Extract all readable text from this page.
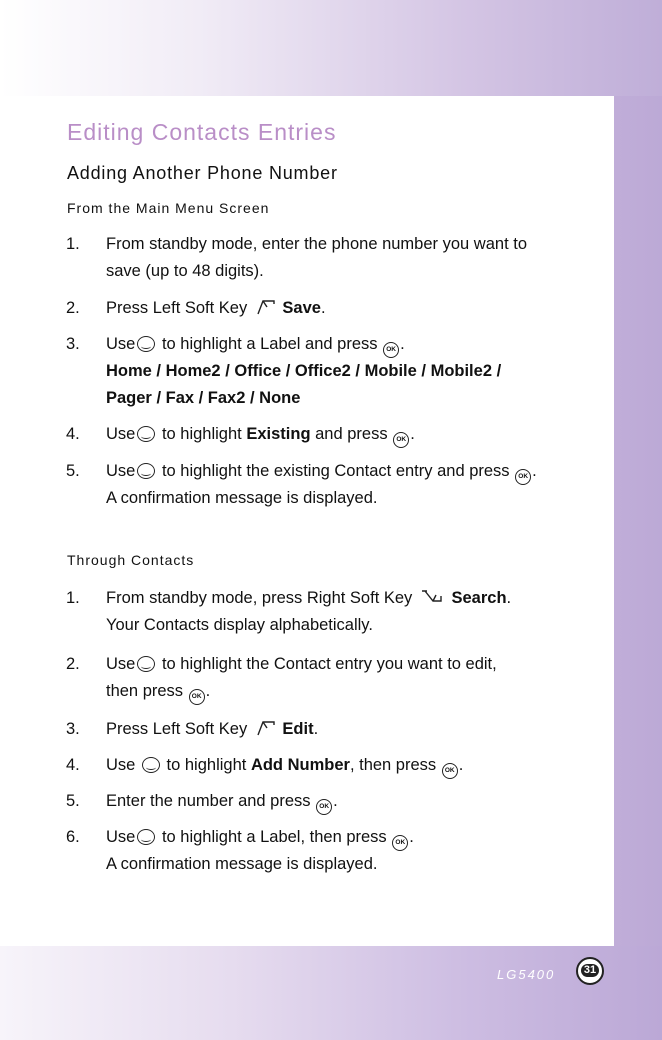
Editing Contacts Entries
Adding Another Phone Number

From the Main Menu Screen

1. From standby mode, enter the phone number you want to
save (up to 48 digits).
2. Press Left Soft Key Save.
3. Use to highlight a Label and press OK .
Home / Home2 / Office / Office2 / Mobile / Mobile2 /
Pager / Fax / Fax2 / None
4. Use to highlight Existing and press OK .
5. Use to highlight the existing Contact entry and press OK .
A confirmation message is displayed.

Through Contacts

1. From standby mode, press Right Soft Key Search.
Your Contacts display alphabetically.
2. Use to highlight the Contact entry you want to edit,
then press OK .
3. Press Left Soft Key Edit.
4. Use to highlight Add Number, then press OK .
5. Enter the number and press OK .
6. Use to highlight a Label, then press OK .
A confirmation message is displayed.
LG5400	31
